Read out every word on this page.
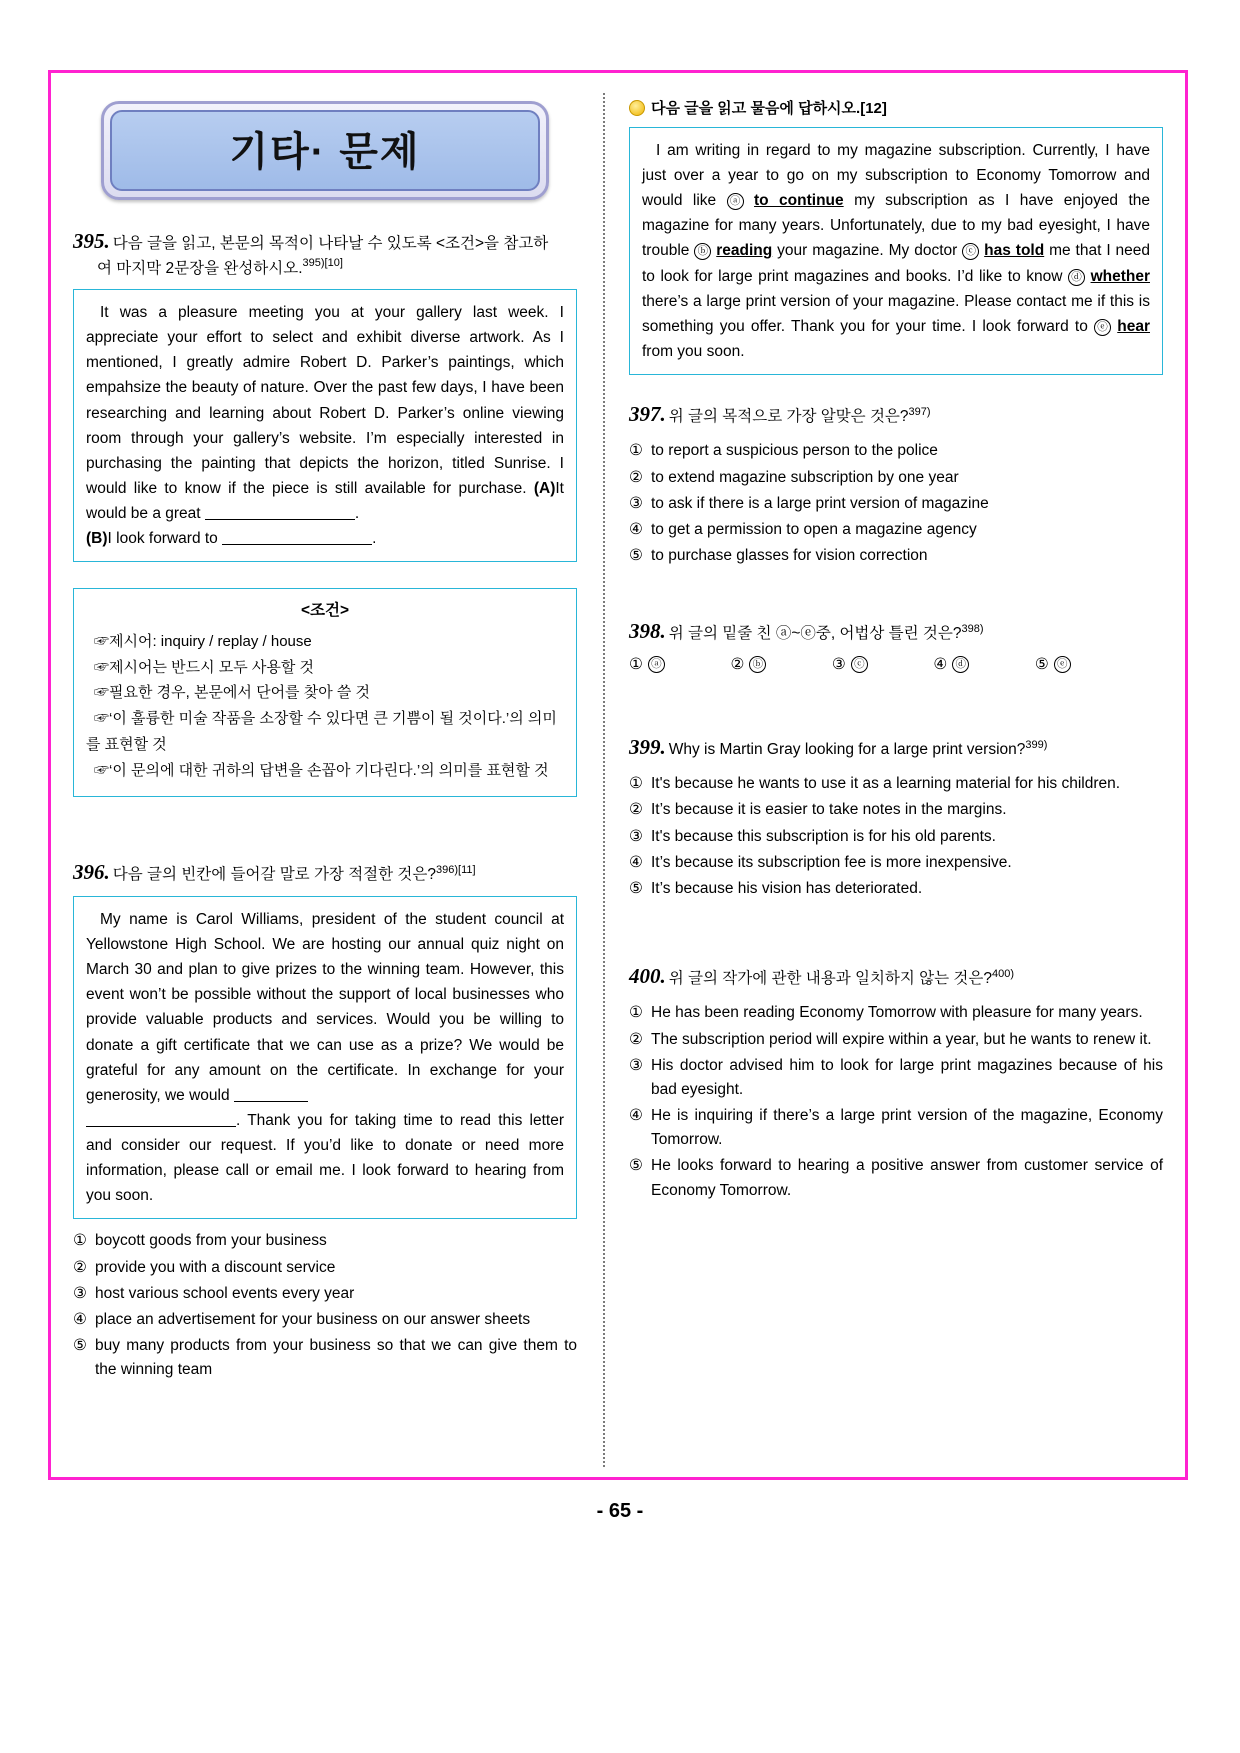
기타· 문제
395. 다음 글을 읽고, 본문의 목적이 나타날 수 있도록 <조건>을 참고하
여 마지막 2문장을 완성하시오.$^{395)[10]}$
It was a pleasure meeting you at your gallery last week. I appreciate your effort to select and exhibit diverse artwork. As I mentioned, I greatly admire Robert D. Parker’s paintings, which empahsize the beauty of nature. Over the past few days, I have been researching and learning about Robert D. Parker’s online viewing room through your gallery’s website. I’m especially interested in purchasing the painting that depicts the horizon, titled Sunrise. I would like to know if the piece is still available for purchase. (A)It would be a great	.
(B)I look forward to	.
<조건>
☞제시어: inquiry / replay / house
☞제시어는 반드시 모두 사용할 것
☞필요한 경우, 본문에서 단어를 찾아 쓸 것
☞‘이 훌륭한 미술 작품을 소장할 수 있다면 큰 기쁨이 될 것이다.’의 의미를 표현할 것
☞‘이 문의에 대한 귀하의 답변을 손꼽아 기다린다.’의 의미를 표현할 것
396. 다음 글의 빈칸에 들어갈 말로 가장 적절한 것은?$^{396)[11]}$
My name is Carol Williams, president of the student council at Yellowstone High School. We are hosting our annual quiz night on March 30 and plan to give prizes to the winning team. However, this event won’t be possible without the support of local businesses who provide valuable products and services. Would you be willing to donate a gift certificate that we can use as a prize? We would be grateful for any amount on the certificate. In exchange for your generosity, we would
. Thank you for taking time to read this letter and consider our request. If you’d like to donate or need more information, please call or email me. I look forward to hearing from you soon.
① boycott goods from your business
② provide you with a discount service
③ host various school events every year
④ place an advertisement for your business on our answer sheets
⑤ buy many products from your business so that we can give them to the winning team
다음 글을 읽고 물음에 답하시오.[12]
I am writing in regard to my magazine subscription. Currently, I have just over a year to go on my subscription to Economy Tomorrow and would like ⓐ to continue my subscription as I have enjoyed the magazine for many years. Unfortunately, due to my bad eyesight, I have trouble ⓑ reading your magazine. My doctor ⓒ has told me that I need to look for large print magazines and books. I’d like to know ⓓ whether there’s a large print version of your magazine. Please contact me if this is something you offer. Thank you for your time. I look forward to ⓔ hear from you soon.
397. 위 글의 목적으로 가장 알맞은 것은?$^{397)}$
① to report a suspicious person to the police
② to extend magazine subscription by one year
③ to ask if there is a large print version of magazine
④ to get a permission to open a magazine agency
⑤ to purchase glasses for vision correction
398. 위 글의 밑줄 친 ⓐ~ⓔ중, 어법상 틀린 것은?$^{398)}$
① ⓐ	② ⓑ	③ ⓒ	④ ⓓ	⑤ ⓔ
399. Why is Martin Gray looking for a large print version?$^{399)}$
① It's because he wants to use it as a learning material for his children.
② It’s because it is easier to take notes in the margins.
③ It's because this subscription is for his old parents.
④ It’s because its subscription fee is more inexpensive.
⑤ It’s because his vision has deteriorated.
400. 위 글의 작가에 관한 내용과 일치하지 않는 것은?$^{400)}$
① He has been reading Economy Tomorrow with pleasure for many years.
② The subscription period will expire within a year, but he wants to renew it.
③ His doctor advised him to look for large print magazines because of his bad eyesight.
④ He is inquiring if there’s a large print version of the magazine, Economy Tomorrow.
⑤ He looks forward to hearing a positive answer from customer service of Economy Tomorrow.
- 65 -
